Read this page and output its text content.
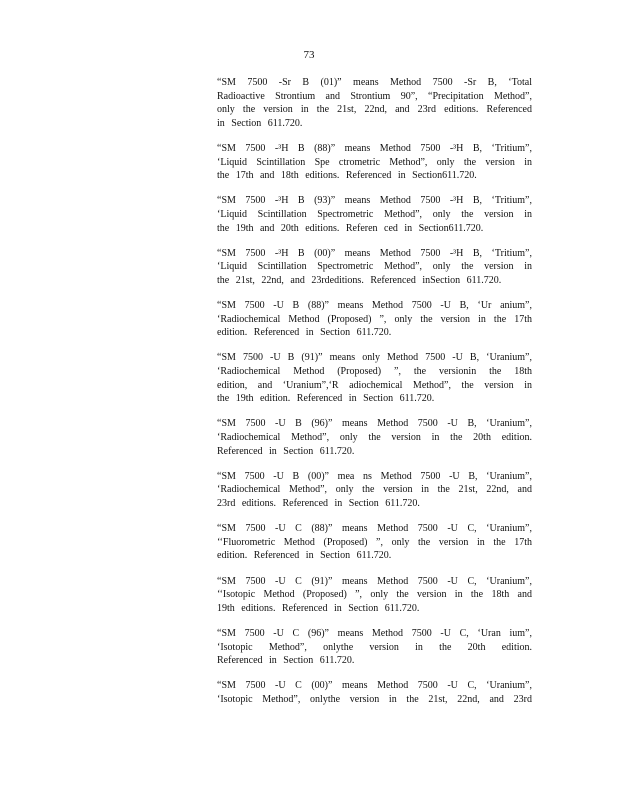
73
“SM 7500 -Sr B (01)” means Method 7500 -Sr B, ‘Total
Radioactive Strontium and Strontium 90”, “Precipitation Method”,
only the version in the 21st, 22nd, and 23rd editions. Referenced
in Section 611.720.
“SM 7500 -³H B (88)” means Method 7500 -³H B, ‘Tritium”,
‘Liquid Scintillation Spe ctrometric Method”, only the version in
the 17th and 18th editions. Referenced in Section611.720.
“SM 7500 -³H B (93)” means Method 7500 -³H B, ‘Tritium”,
‘Liquid Scintillation Spectrometric Method”, only the version in
the 19th and 20th editions. Referen ced in Section611.720.
“SM 7500 -³H B (00)” means Method 7500 -³H B, ‘Tritium”,
‘Liquid Scintillation Spectrometric Method”, only the version in
the 21st, 22nd, and 23rdeditions. Referenced inSection 611.720.
“SM 7500 -U B (88)” means Method 7500 -U B, ‘Ur anium”,
‘Radiochemical Method (Proposed) ”, only the version in the 17th
edition. Referenced in Section 611.720.
“SM 7500 -U B (91)” means only Method 7500 -U B, ‘Uranium”,
‘Radiochemical Method (Proposed) ”, the versionin the 18th
edition, and ‘Uranium”,‘R adiochemical Method”, the version in
the 19th edition. Referenced in Section 611.720.
“SM 7500 -U B (96)” means Method 7500 -U B, ‘Uranium”,
‘Radiochemical Method”, only the version in the 20th edition.
Referenced in Section 611.720.
“SM 7500 -U B (00)” mea ns Method 7500 -U B, ‘Uranium”,
‘Radiochemical Method”, only the version in the 21st, 22nd, and
23rd editions. Referenced in Section 611.720.
“SM 7500 -U C (88)” means Method 7500 -U C, ‘Uranium”,
‘‘Fluorometric Method (Proposed) ”, only the version in the 17th
edition. Referenced in Section 611.720.
“SM 7500 -U C (91)” means Method 7500 -U C, ‘Uranium”,
‘‘Isotopic Method (Proposed) ”, only the version in the 18th and
19th editions. Referenced in Section 611.720.
“SM 7500 -U C (96)” means Method 7500 -U C, ‘Uran ium”,
‘Isotopic Method”, onlythe version in the 20th edition.
Referenced in Section 611.720.
“SM 7500 -U C (00)” means Method 7500 -U C, ‘Uranium”,
‘Isotopic Method”, onlythe version in the 21st, 22nd, and 23rd
